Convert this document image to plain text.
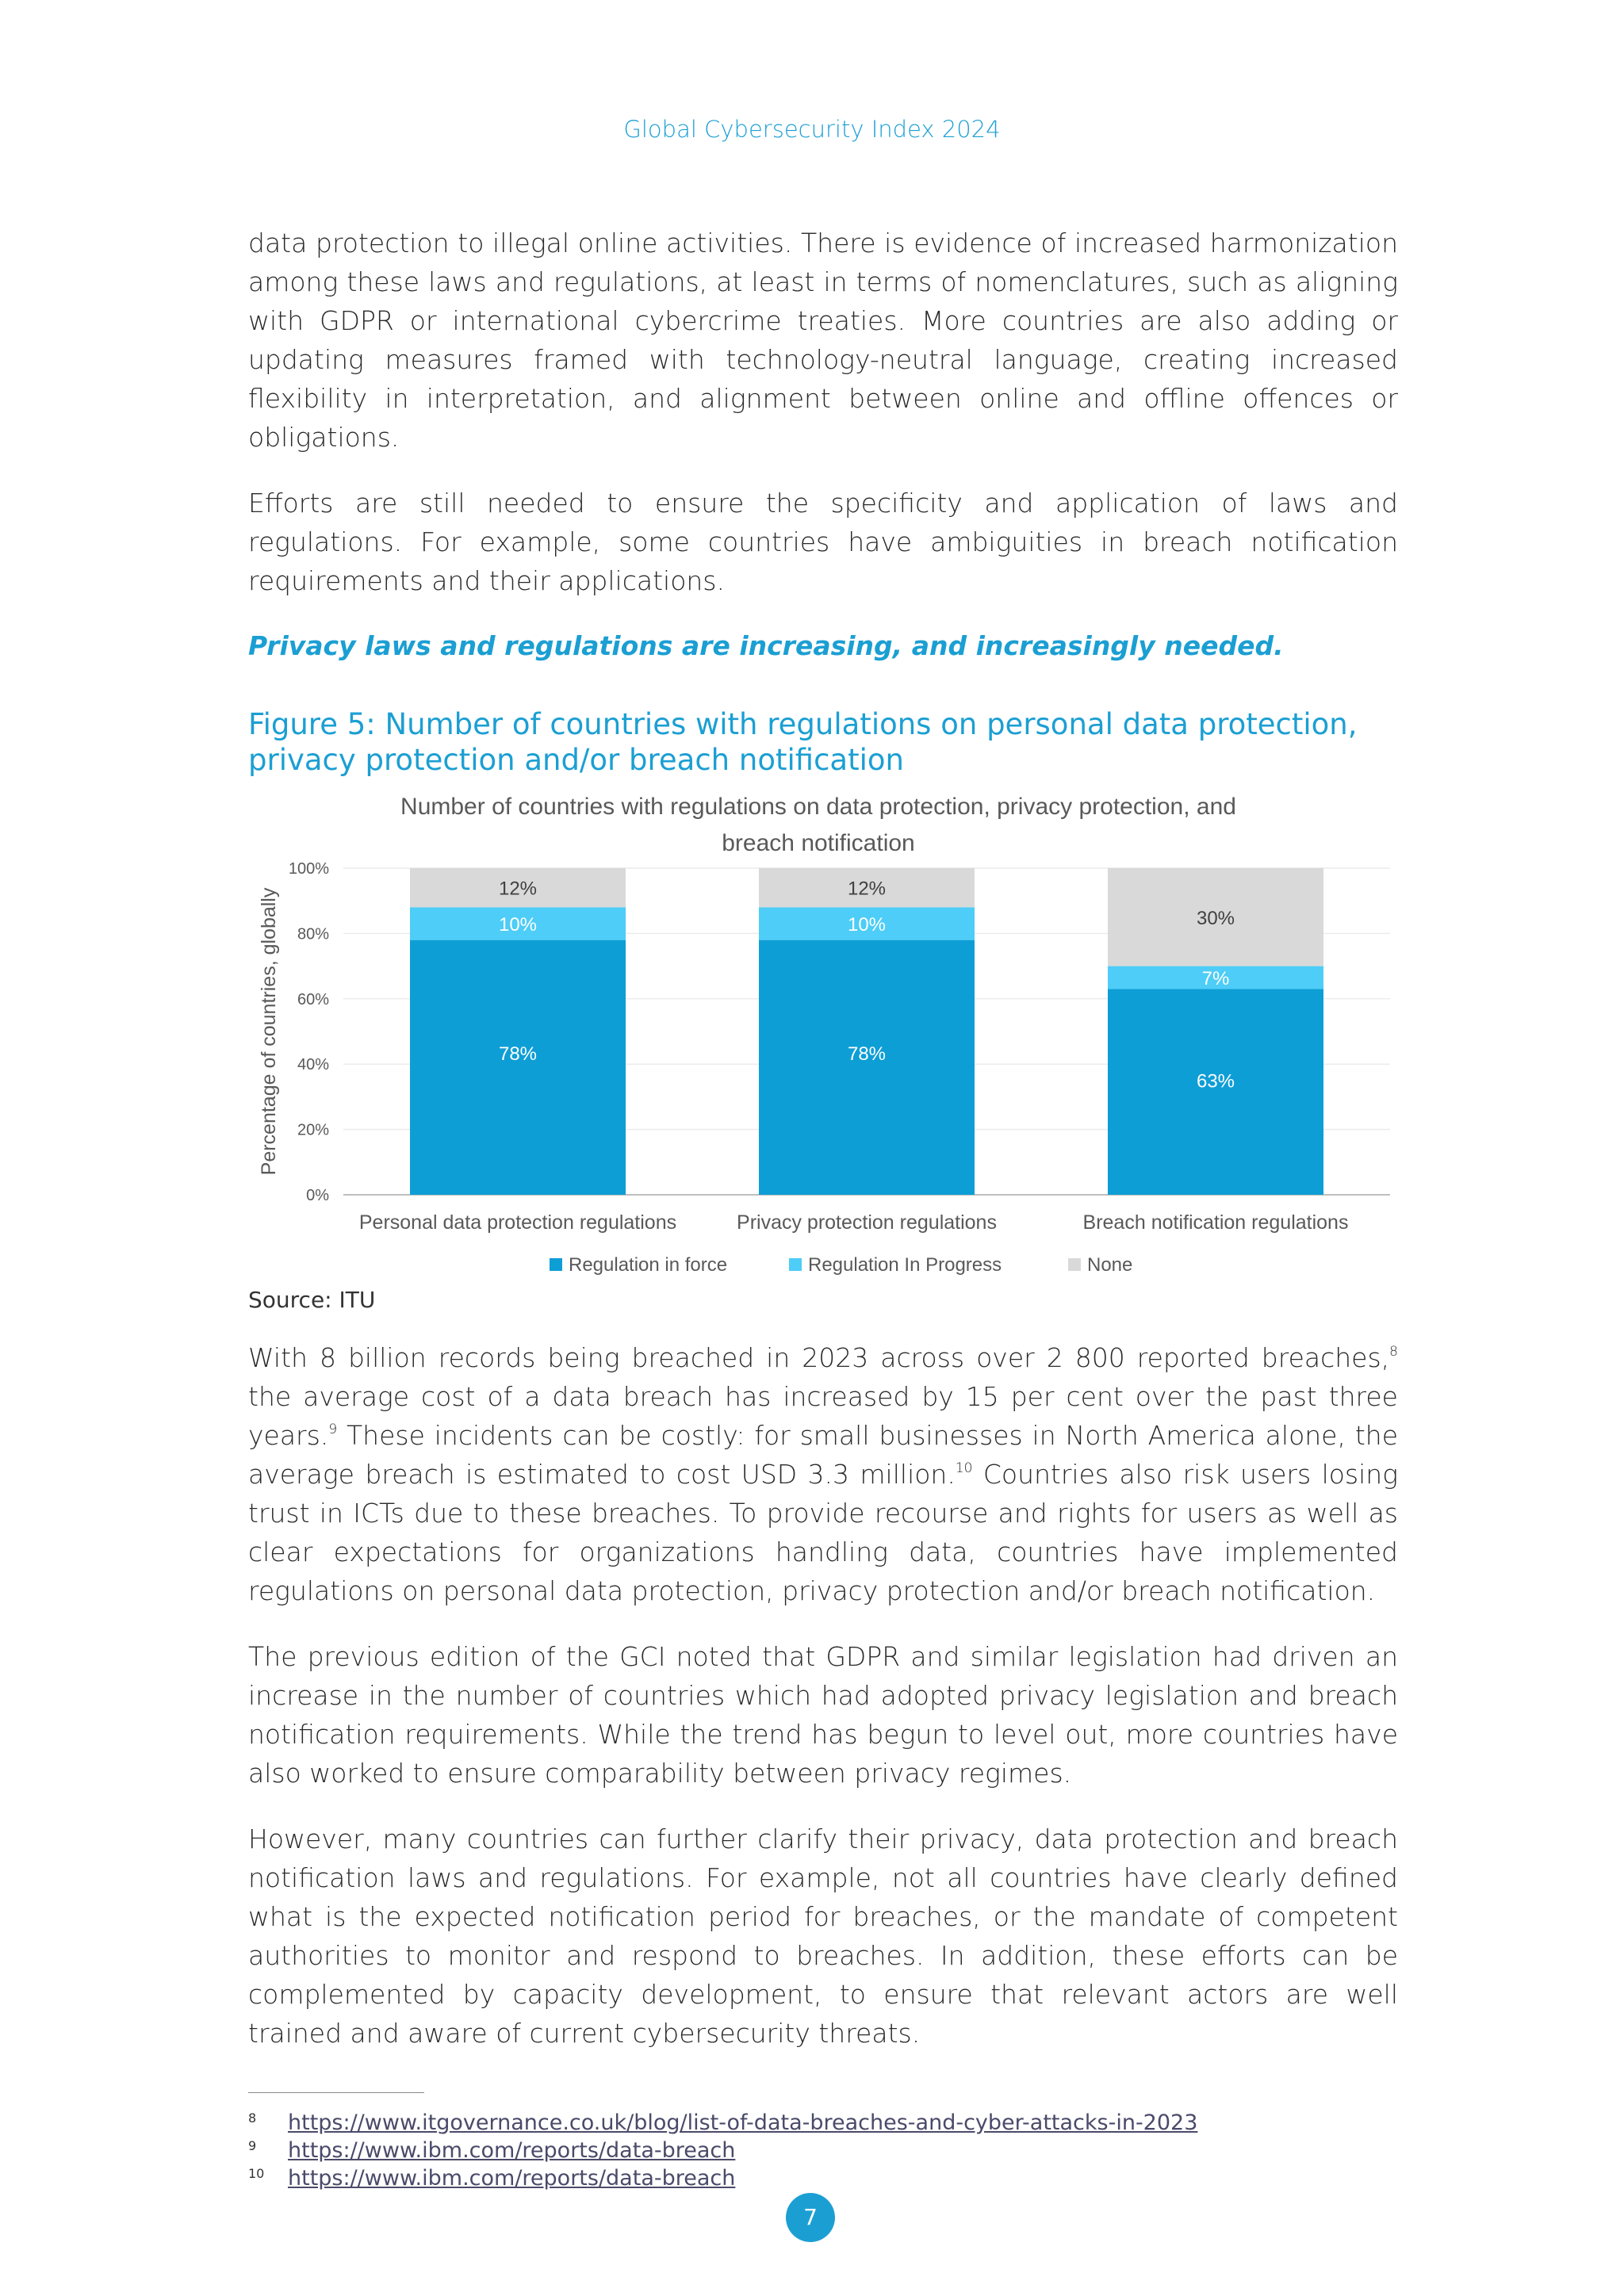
Global Cybersecurity Index 2024

data protection to illegal online activities. There is evidence of increased harmonization among these laws and regulations, at least in terms of nomenclatures, such as aligning with GDPR or international cybercrime treaties. More countries are also adding or updating measures framed with technology-neutral language, creating increased flexibility in interpretation, and alignment between online and offline offences or obligations.

Efforts are still needed to ensure the specificity and application of laws and regulations. For example, some countries have ambiguities in breach notification requirements and their applications.

Privacy laws and regulations are increasing, and increasingly needed.

Figure 5: Number of countries with regulations on personal data protection, privacy protection and/or breach notification

Number of countries with regulations on data protection, privacy protection, and
breach notification
0%
20%
40%
60%
80%
100%
Percentage of countries, globally	78%
10%
12%
Personal data protection regulations
78%
10%
12%
Privacy protection regulations
63%
7%
30%
Breach notification regulations
Regulation in force	Regulation In Progress	None

Source: ITU

With 8 billion records being breached in 2023 across over 2 800 reported breaches,$^8$ the average cost of a data breach has increased by 15 per cent over the past three years.$^9$ These incidents can be costly: for small businesses in North America alone, the average breach is estimated to cost USD 3.3 million.$^{10}$ Countries also risk users losing trust in ICTs due to these breaches. To provide recourse and rights for users as well as clear expectations for organizations handling data, countries have implemented regulations on personal data protection, privacy protection and/or breach notification.

The previous edition of the GCI noted that GDPR and similar legislation had driven an increase in the number of countries which had adopted privacy legislation and breach notification requirements. While the trend has begun to level out, more countries have also worked to ensure comparability between privacy regimes.

However, many countries can further clarify their privacy, data protection and breach notification laws and regulations. For example, not all countries have clearly defined what is the expected notification period for breaches, or the mandate of competent authorities to monitor and respond to breaches. In addition, these efforts can be complemented by capacity development, to ensure that relevant actors are well trained and aware of current cybersecurity threats.

8 https://www.itgovernance.co.uk/blog/list-of-data-breaches-and-cyber-attacks-in-2023
9 https://www.ibm.com/reports/data-breach
10 https://www.ibm.com/reports/data-breach
7
